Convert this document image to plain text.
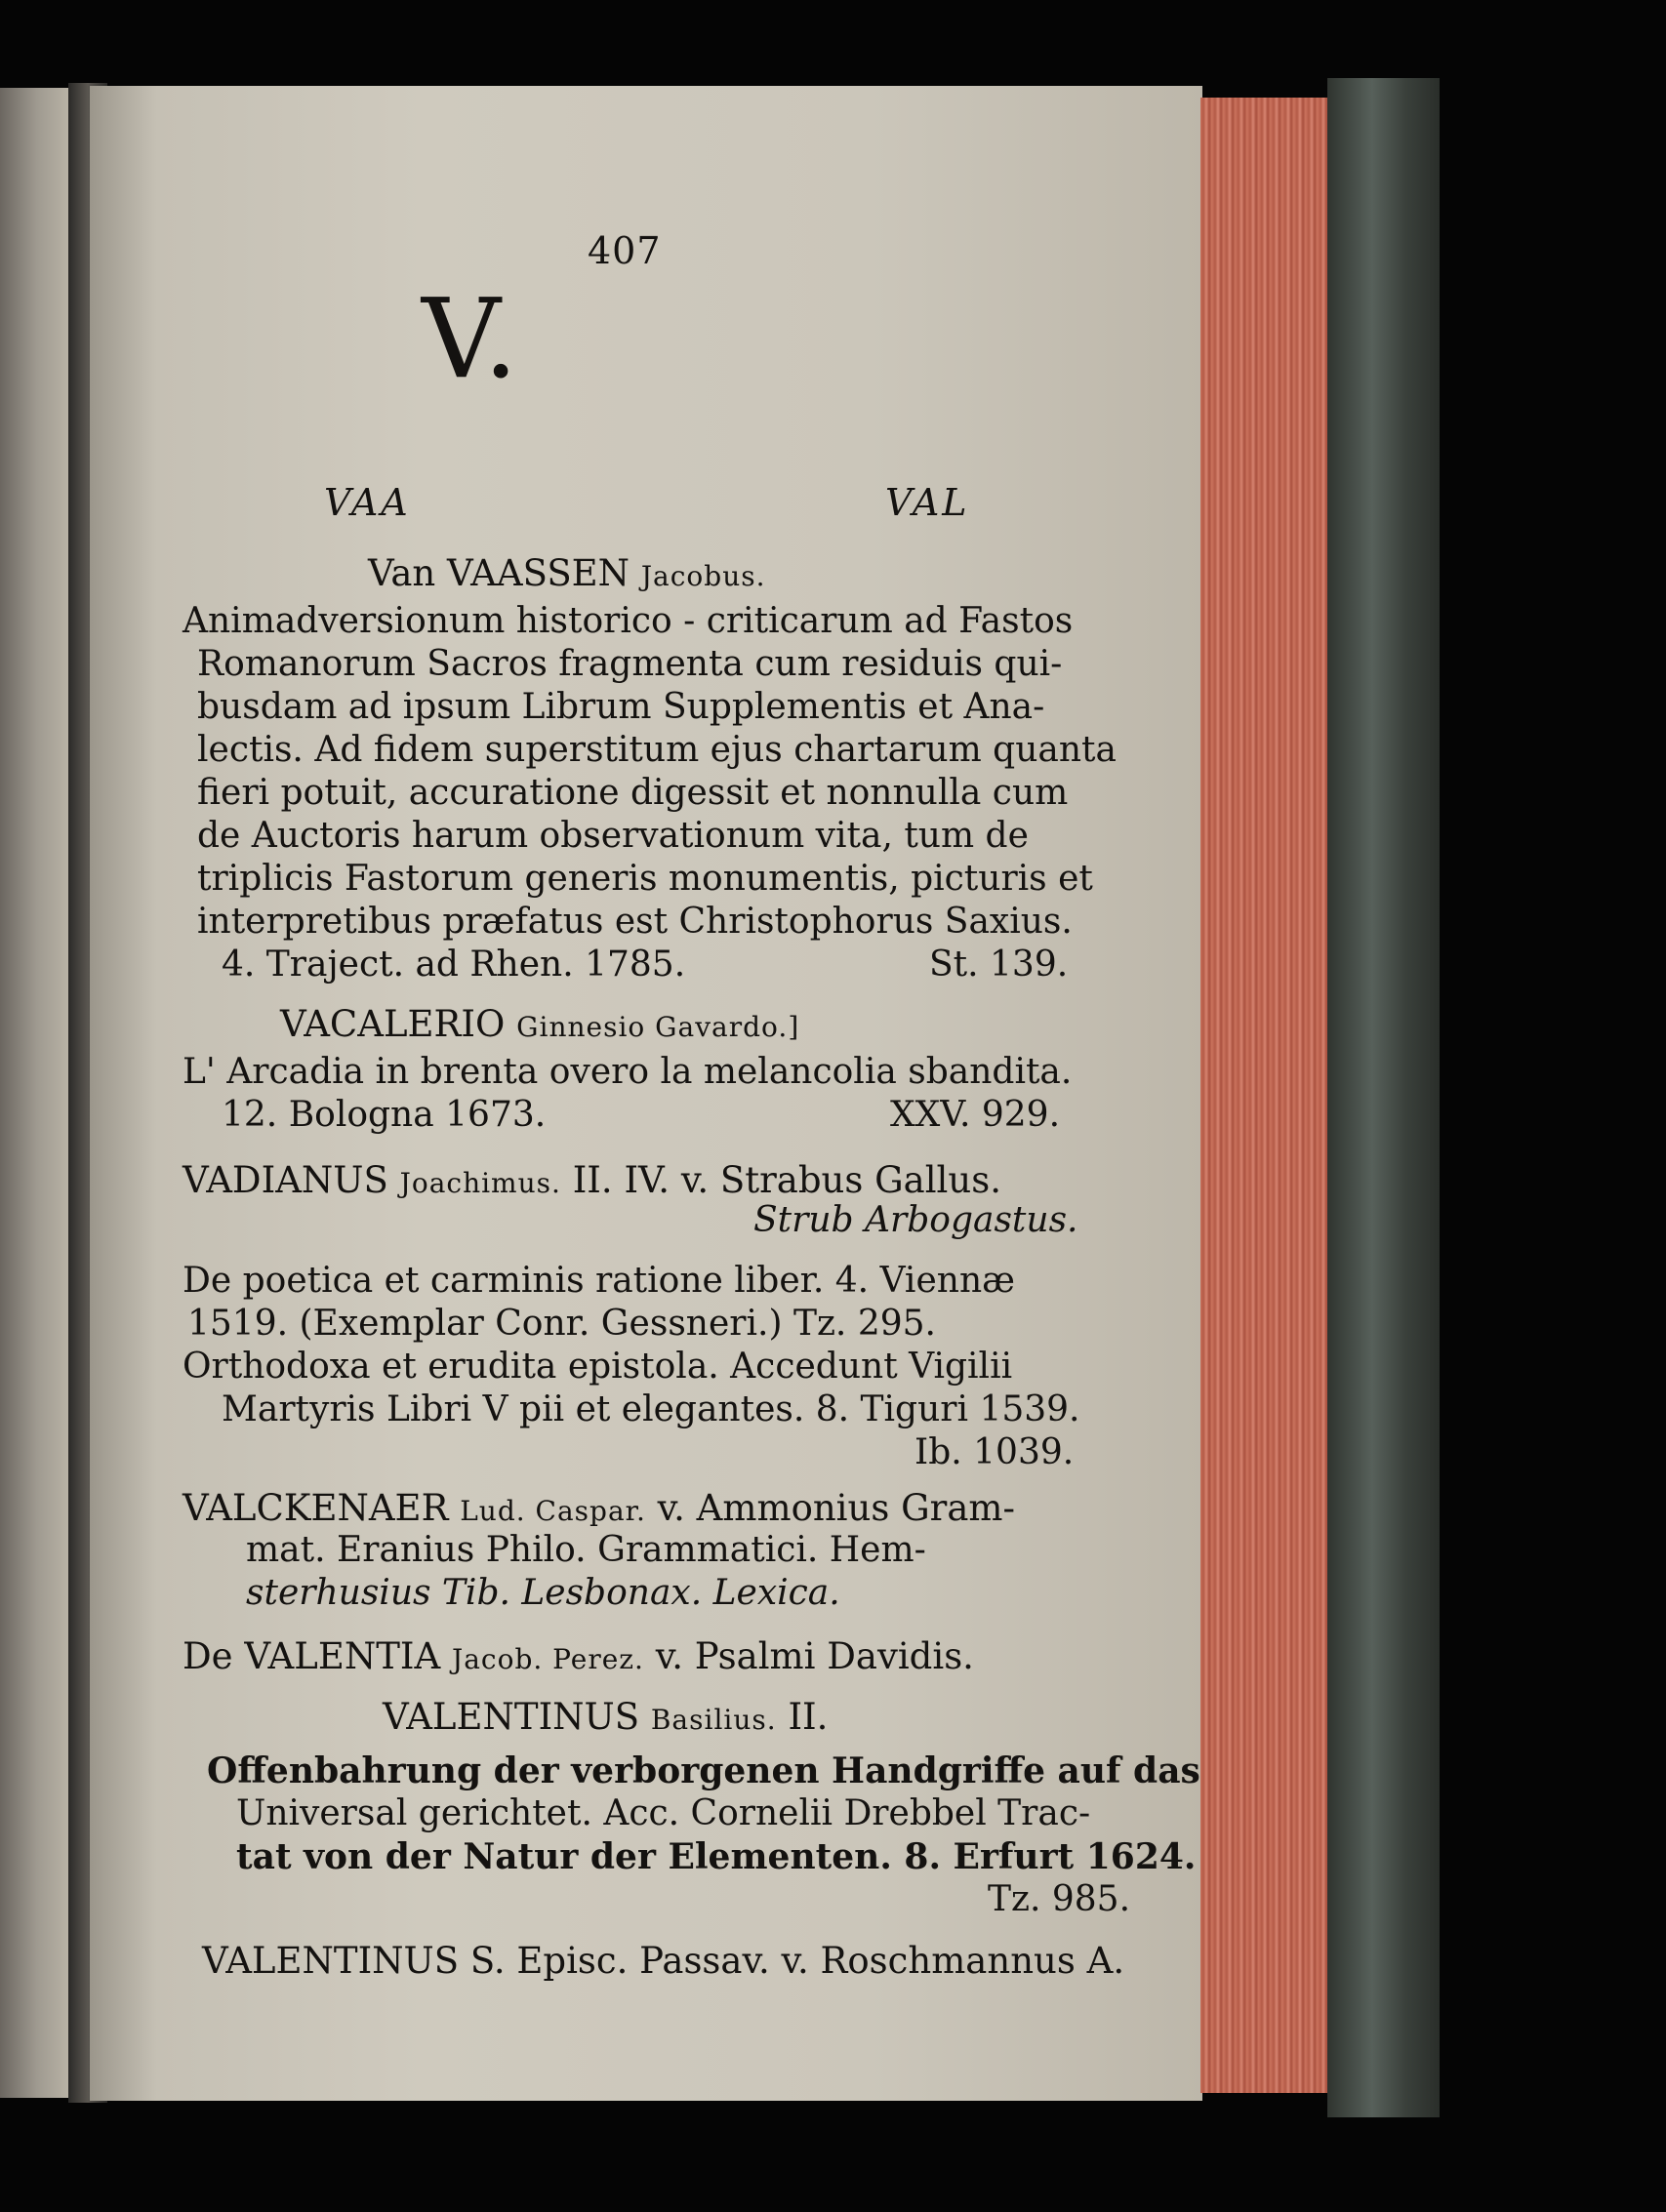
407
V.
VAA	VAL
Van VAASSEN Jacobus.
Animadversionum historico - criticarum ad Fastos
Romanorum Sacros fragmenta cum residuis qui-
busdam ad ipsum Librum Supplementis et Ana-
lectis. Ad fidem superstitum ejus chartarum quanta
fieri potuit, accuratione digessit et nonnulla cum
de Auctoris harum observationum vita, tum de
triplicis Fastorum generis monumentis, picturis et
interpretibus præfatus est Christophorus Saxius.
4. Traject. ad Rhen. 1785.	St. 139.
VACALERIO Ginnesio Gavardo.]
L' Arcadia in brenta overo la melancolia sbandita.
12. Bologna 1673.	XXV. 929.
VADIANUS Joachimus. II. IV. v. Strabus Gallus.
Strub Arbogastus.
De poetica et carminis ratione liber. 4. Viennæ
1519. (Exemplar Conr. Gessneri.) Tz. 295.
Orthodoxa et erudita epistola. Accedunt Vigilii
Martyris Libri V pii et elegantes. 8. Tiguri 1539.
Ib. 1039.
VALCKENAER Lud. Caspar. v. Ammonius Gram-
mat. Eranius Philo. Grammatici. Hem-
sterhusius Tib. Lesbonax. Lexica.
De VALENTIA Jacob. Perez. v. Psalmi Davidis.
VALENTINUS Basilius. II.
Offenbahrung der verborgenen Handgriffe auf das
Universal gerichtet. Acc. Cornelii Drebbel Trac-
tat von der Natur der Elementen. 8. Erfurt 1624.
Tz. 985.
VALENTINUS S. Episc. Passav. v. Roschmannus A.
